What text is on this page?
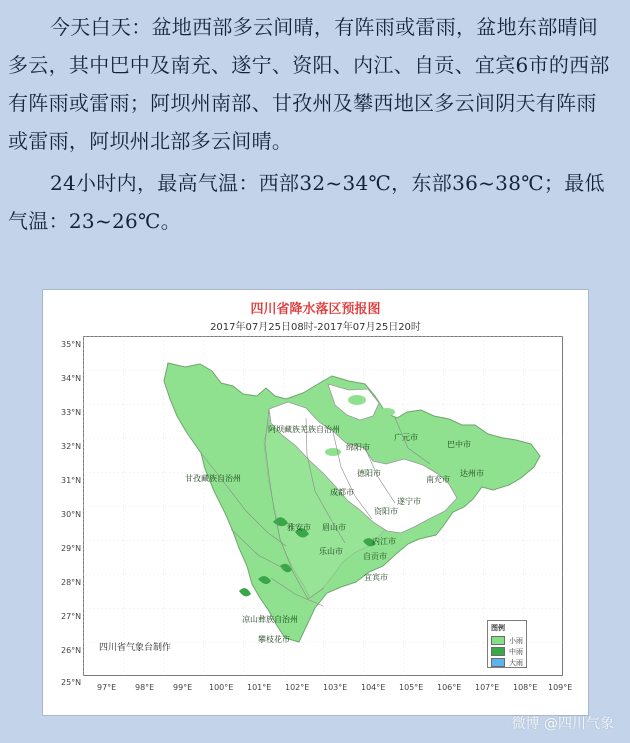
今天白天：盆地西部多云间晴，有阵雨或雷雨，盆地东部晴间多云，其中巴中及南充、遂宁、资阳、内江、自贡、宜宾6市的西部有阵雨或雷雨；阿坝州南部、甘孜州及攀西地区多云间阴天有阵雨或雷雨，阿坝州北部多云间晴。

24小时内，最高气温：西部32~34℃，东部36~38℃；最低气温：23~26℃。

四川省降水落区预报图
2017年07月25日08时-2017年07月25日20时
35°N
34°N
33°N
32°N
31°N
30°N
29°N
28°N
27°N
26°N
25°N
97°E 98°E 99°E 100°E 101°E 102°E 103°E 104°E 105°E 106°E 107°E 108°E 109°E
阿坝藏族羌族自治州
甘孜藏族自治州
凉山彝族自治州
绵阳市
广元市
巴中市
德阳市
成都市
南充市
达州市
遂宁市
资阳市
眉山市
雅安市
乐山市
内江市
自贡市
宜宾市
攀枝花市
图例
小雨
中雨
大雨
四川省气象台制作
微博 @四川气象
